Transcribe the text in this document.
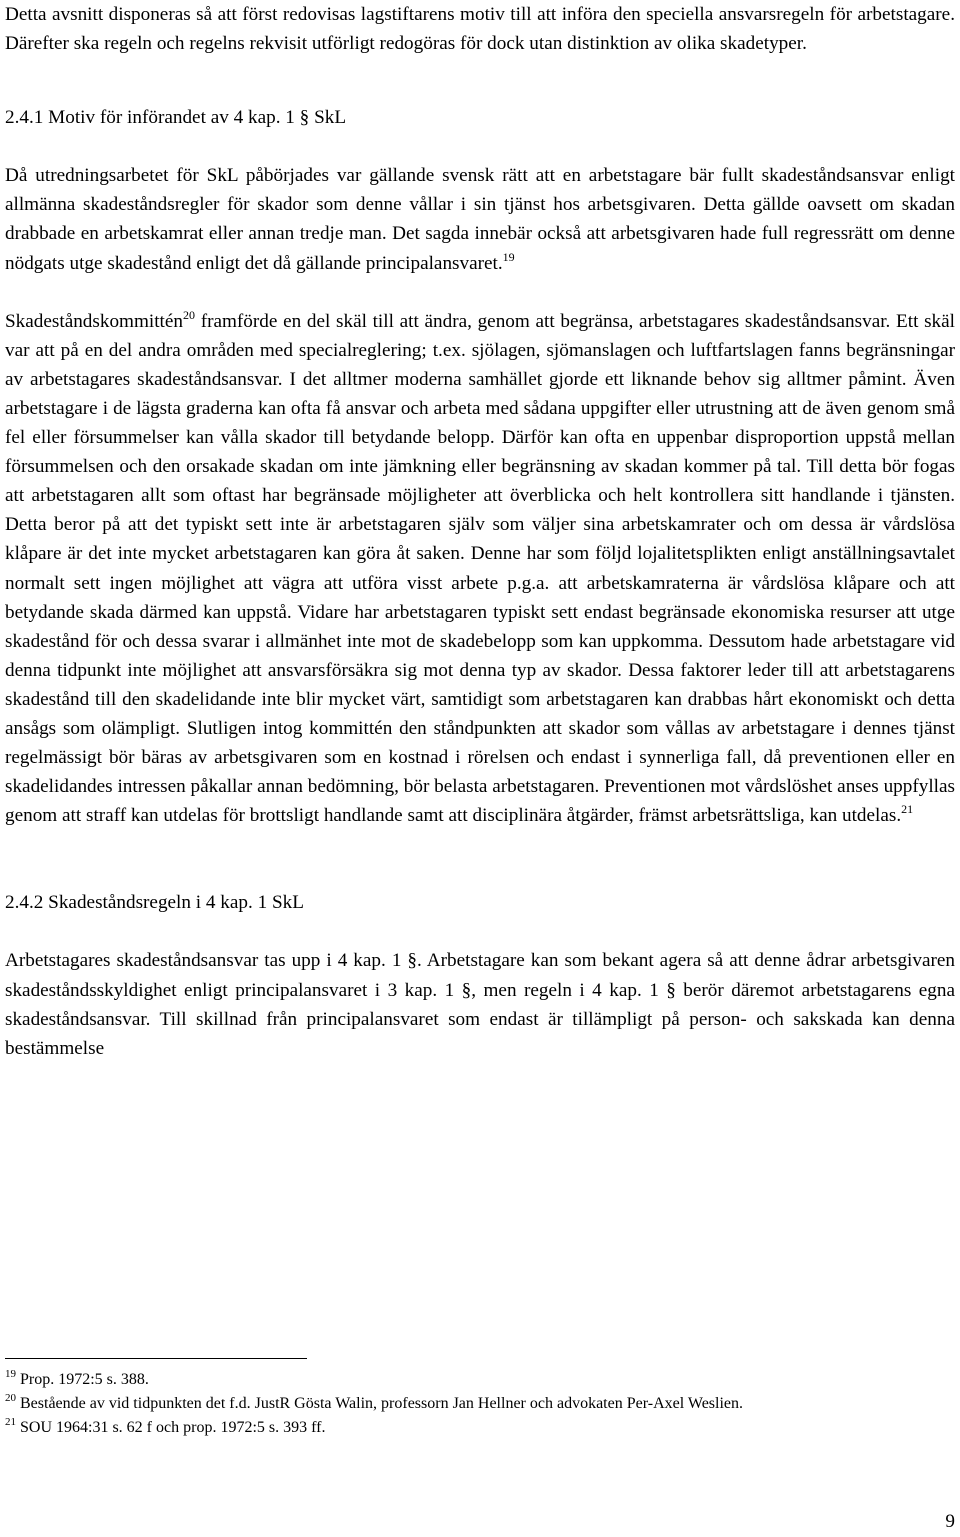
Detta avsnitt disponeras så att först redovisas lagstiftarens motiv till att införa den speciella ansvarsregeln för arbetstagare. Därefter ska regeln och regelns rekvisit utförligt redogöras för dock utan distinktion av olika skadetyper.

2.4.1 Motiv för införandet av 4 kap. 1 § SkL

Då utredningsarbetet för SkL påbörjades var gällande svensk rätt att en arbetstagare bär fullt skadeståndsansvar enligt allmänna skadeståndsregler för skador som denne vållar i sin tjänst hos arbetsgivaren. Detta gällde oavsett om skadan drabbade en arbetskamrat eller annan tredje man. Det sagda innebär också att arbetsgivaren hade full regressrätt om denne nödgats utge skadestånd enligt det då gällande principalansvaret.$^{19}$

Skadeståndskommittén$^{20}$ framförde en del skäl till att ändra, genom att begränsa, arbetstagares skadeståndsansvar. Ett skäl var att på en del andra områden med specialreglering; t.ex. sjölagen, sjömanslagen och luftfartslagen fanns begränsningar av arbetstagares skadeståndsansvar. I det alltmer moderna samhället gjorde ett liknande behov sig alltmer påmint. Även arbetstagare i de lägsta graderna kan ofta få ansvar och arbeta med sådana uppgifter eller utrustning att de även genom små fel eller försummelser kan vålla skador till betydande belopp. Därför kan ofta en uppenbar disproportion uppstå mellan försummelsen och den orsakade skadan om inte jämkning eller begränsning av skadan kommer på tal. Till detta bör fogas att arbetstagaren allt som oftast har begränsade möjligheter att överblicka och helt kontrollera sitt handlande i tjänsten. Detta beror på att det typiskt sett inte är arbetstagaren själv som väljer sina arbetskamrater och om dessa är vårdslösa klåpare är det inte mycket arbetstagaren kan göra åt saken. Denne har som följd lojalitetsplikten enligt anställningsavtalet normalt sett ingen möjlighet att vägra att utföra visst arbete p.g.a. att arbetskamraterna är vårdslösa klåpare och att betydande skada därmed kan uppstå. Vidare har arbetstagaren typiskt sett endast begränsade ekonomiska resurser att utge skadestånd för och dessa svarar i allmänhet inte mot de skadebelopp som kan uppkomma. Dessutom hade arbetstagare vid denna tidpunkt inte möjlighet att ansvarsförsäkra sig mot denna typ av skador. Dessa faktorer leder till att arbetstagarens skadestånd till den skadelidande inte blir mycket värt, samtidigt som arbetstagaren kan drabbas hårt ekonomiskt och detta ansågs som olämpligt. Slutligen intog kommittén den ståndpunkten att skador som vållas av arbetstagare i dennes tjänst regelmässigt bör bäras av arbetsgivaren som en kostnad i rörelsen och endast i synnerliga fall, då preventionen eller en skadelidandes intressen påkallar annan bedömning, bör belasta arbetstagaren. Preventionen mot vårdslöshet anses uppfyllas genom att straff kan utdelas för brottsligt handlande samt att disciplinära åtgärder, främst arbetsrättsliga, kan utdelas.$^{21}$

2.4.2 Skadeståndsregeln i 4 kap. 1 SkL

Arbetstagares skadeståndsansvar tas upp i 4 kap. 1 §. Arbetstagare kan som bekant agera så att denne ådrar arbetsgivaren skadeståndsskyldighet enligt principalansvaret i 3 kap. 1 §, men regeln i 4 kap. 1 § berör däremot arbetstagarens egna skadeståndsansvar. Till skillnad från principalansvaret som endast är tillämpligt på person- och sakskada kan denna bestämmelse

$^{19}$ Prop. 1972:5 s. 388.

$^{20}$ Bestående av vid tidpunkten det f.d. JustR Gösta Walin, professorn Jan Hellner och advokaten Per-Axel Weslien.

$^{21}$ SOU 1964:31 s. 62 f och prop. 1972:5 s. 393 ff.

9
